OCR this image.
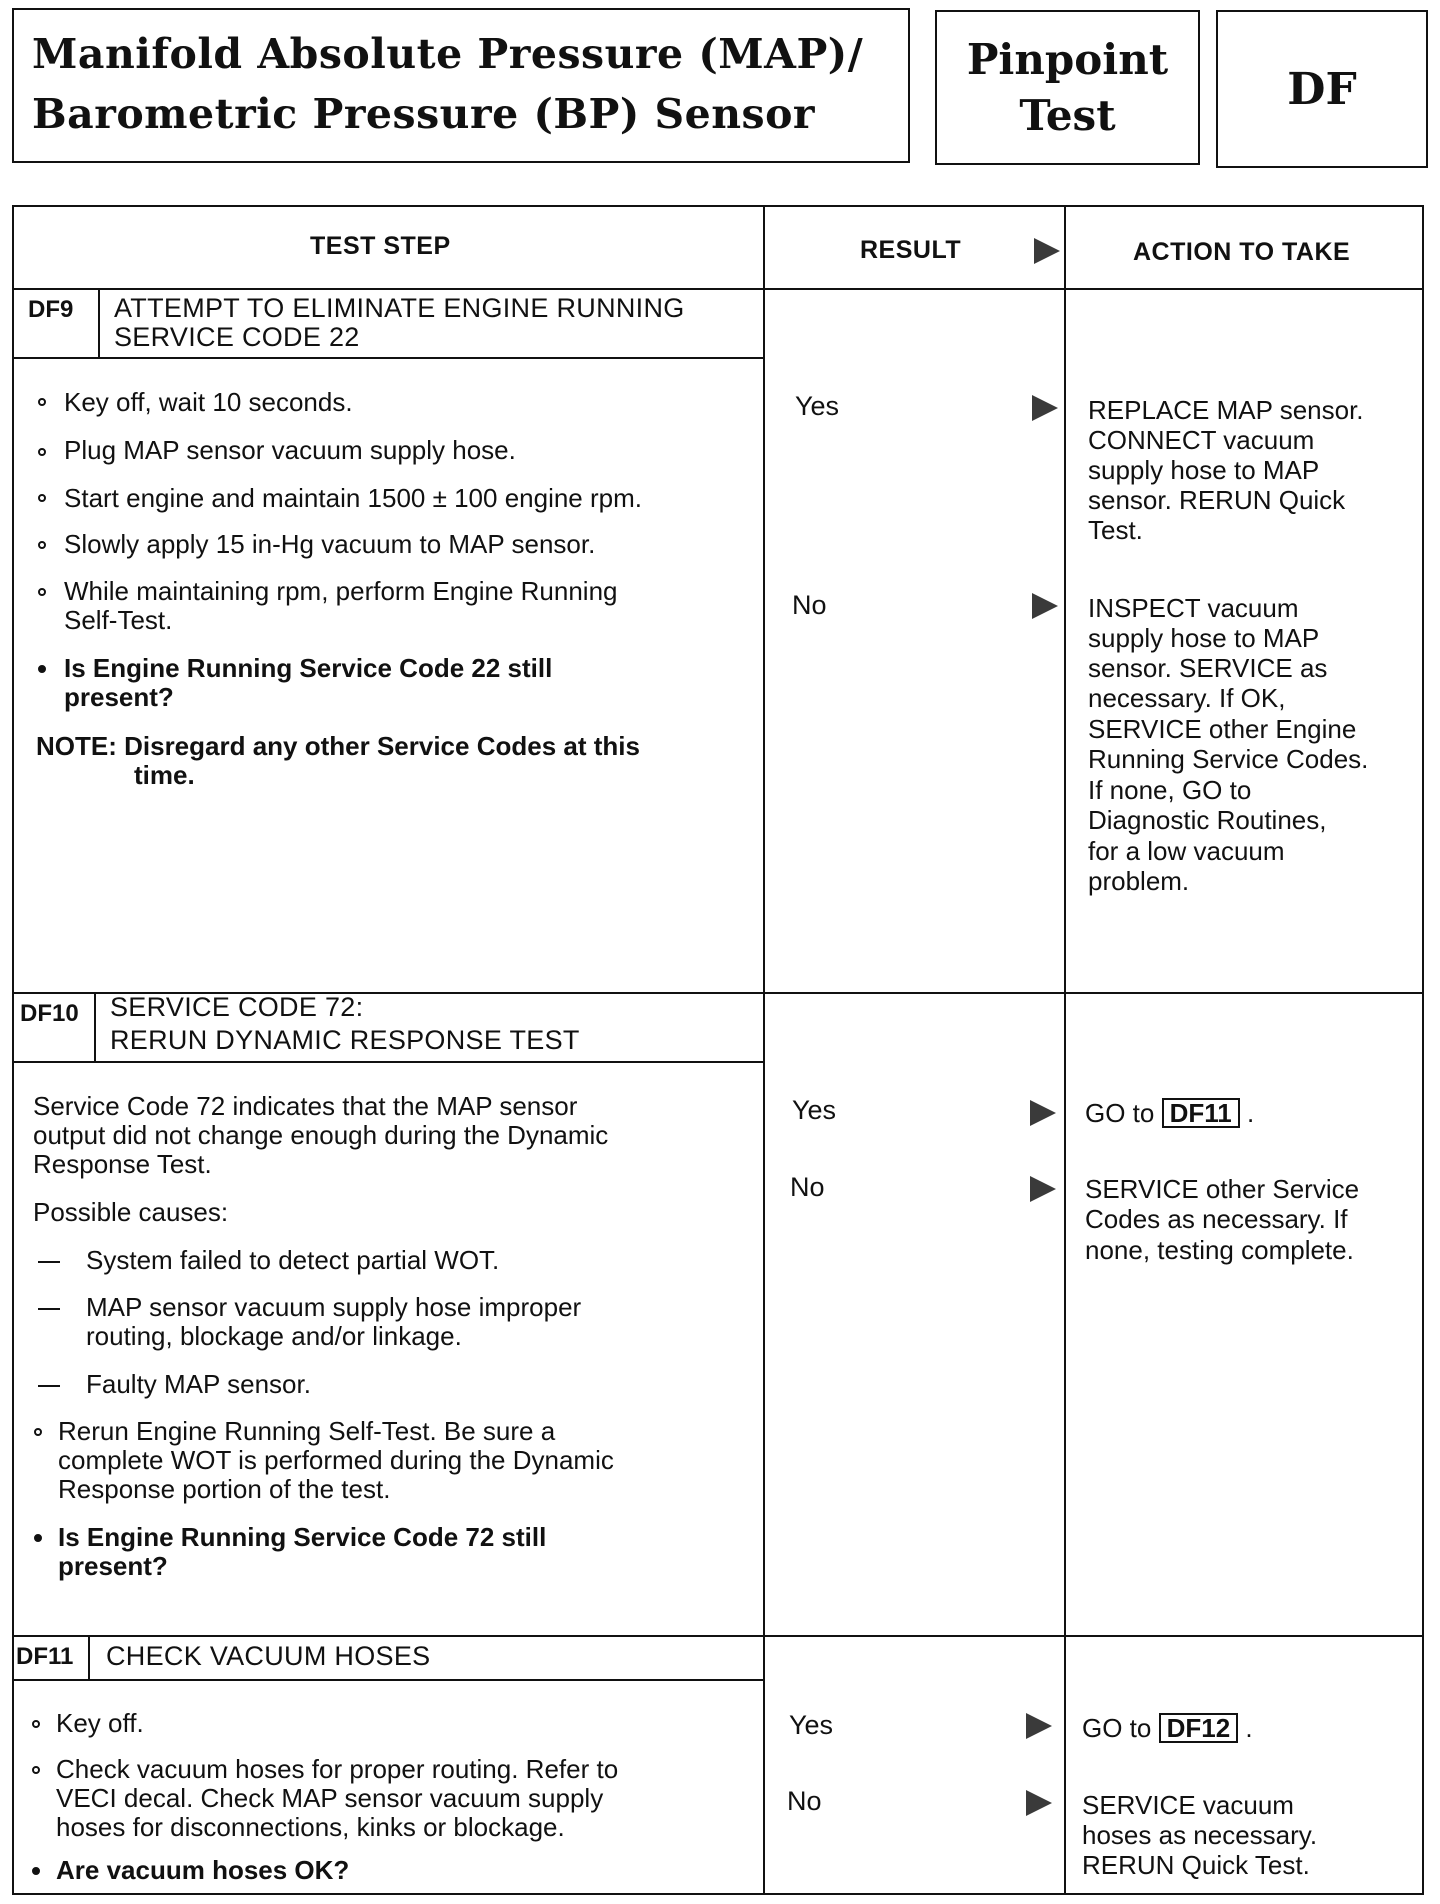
Manifold Absolute Pressure (MAP)/
Barometric Pressure (BP) Sensor
Pinpoint
Test
DF
TEST STEP	RESULT	ACTION TO TAKE
DF9 ATTEMPT TO ELIMINATE ENGINE RUNNING
SERVICE CODE 22
Key off, wait 10 seconds.
Plug MAP sensor vacuum supply hose.
Start engine and maintain 1500 ± 100 engine rpm.
Slowly apply 15 in-Hg vacuum to MAP sensor.
While maintaining rpm, perform Engine Running
Self-Test.
Is Engine Running Service Code 22 still
present?
NOTE: Disregard any other Service Codes at this
time.
Yes
No
REPLACE MAP sensor.
CONNECT vacuum
supply hose to MAP
sensor. RERUN Quick
Test.
INSPECT vacuum
supply hose to MAP
sensor. SERVICE as
necessary. If OK,
SERVICE other Engine
Running Service Codes.
If none, GO to
Diagnostic Routines,
for a low vacuum
problem.
DF10 SERVICE CODE 72:
RERUN DYNAMIC RESPONSE TEST
Service Code 72 indicates that the MAP sensor
output did not change enough during the Dynamic
Response Test.
Possible causes:
System failed to detect partial WOT.
MAP sensor vacuum supply hose improper
routing, blockage and/or linkage.
Faulty MAP sensor.
Rerun Engine Running Self-Test. Be sure a
complete WOT is performed during the Dynamic
Response portion of the test.
Is Engine Running Service Code 72 still
present?
Yes
No
GO to DF11 .
SERVICE other Service
Codes as necessary. If
none, testing complete.
DF11 CHECK VACUUM HOSES
Key off.
Check vacuum hoses for proper routing. Refer to
VECI decal. Check MAP sensor vacuum supply
hoses for disconnections, kinks or blockage.
Are vacuum hoses OK?
Yes
No
GO to DF12 .
SERVICE vacuum
hoses as necessary.
RERUN Quick Test.
